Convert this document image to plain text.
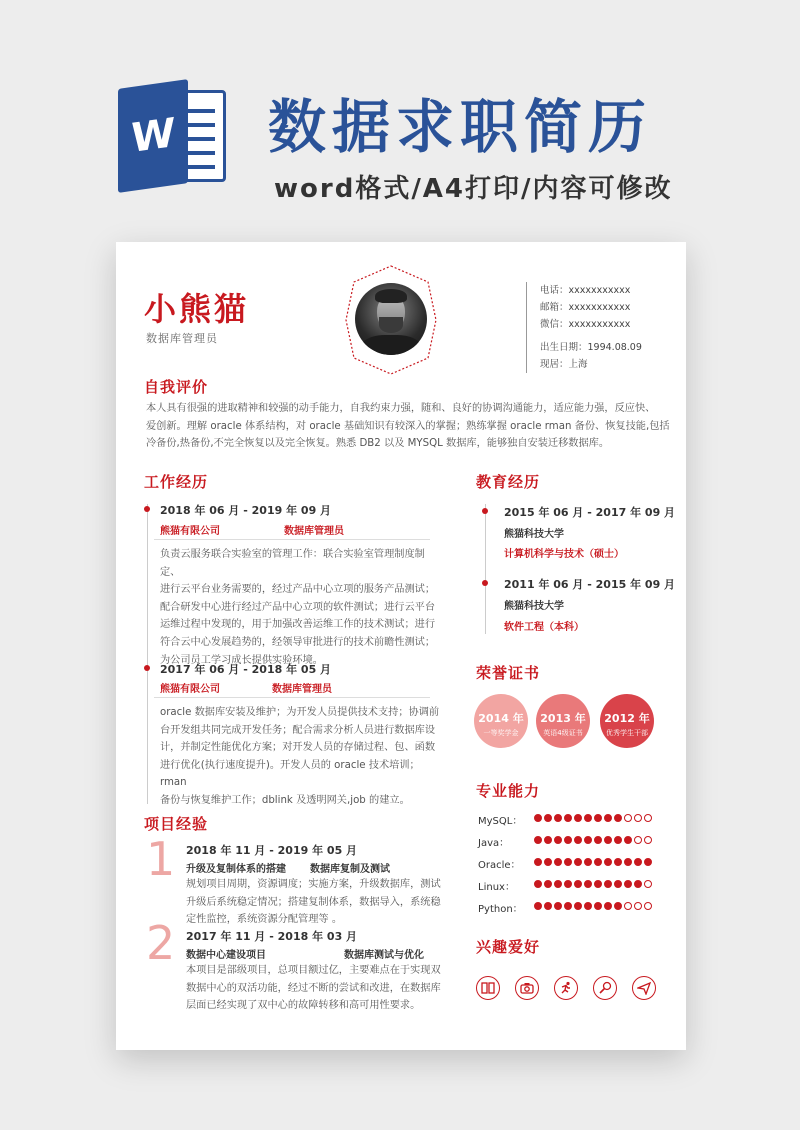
W 数据求职简历
word格式/A4打印/内容可修改
小熊猫
数据库管理员
电话：xxxxxxxxxxx
邮箱：xxxxxxxxxxx
微信：xxxxxxxxxxx
出生日期：1994.08.09
现居：上海
自我评价
本人具有很强的进取精神和较强的动手能力，自我约束力强，随和、良好的协调沟通能力，适应能力强，反应快、
爱创新。理解 oracle 体系结构，对 oracle 基础知识有较深入的掌握；熟练掌握 oracle rman 备份、恢复技能,包括
冷备份,热备份,不完全恢复以及完全恢复。熟悉 DB2 以及 MYSQL 数据库，能够独自安装迁移数据库。
工作经历
2018 年 06 月 - 2019 年 09 月
熊猫有限公司	数据库管理员
负责云服务联合实验室的管理工作：联合实验室管理制度制定、
进行云平台业务需要的，经过产品中心立项的服务产品测试；
配合研发中心进行经过产品中心立项的软件测试；进行云平台
运维过程中发现的，用于加强改善运维工作的技术测试；进行
符合云中心发展趋势的，经领导审批进行的技术前瞻性测试；
为公司员工学习成长提供实验环境。
2017 年 06 月 - 2018 年 05 月
熊猫有限公司	数据库管理员
oracle 数据库安装及维护；为开发人员提供技术支持；协调前
台开发组共同完成开发任务；配合需求分析人员进行数据库设
计，并制定性能优化方案；对开发人员的存储过程、包、函数
进行优化(执行速度提升)。开发人员的 oracle 技术培训；rman
备份与恢复维护工作；dblink 及透明网关,job 的建立。
项目经验
1 2018 年 11 月 - 2019 年 05 月
升级及复制体系的搭建 数据库复制及测试
规划项目周期，资源调度；实施方案，升级数据库，测试
升级后系统稳定情况；搭建复制体系，数据导入，系统稳
定性监控，系统资源分配管理等 。
2 2017 年 11 月 - 2018 年 03 月
数据中心建设项目	数据库测试与优化
本项目是部级项目，总项目额过亿，主要难点在于实现双
数据中心的双活功能，经过不断的尝试和改进，在数据库
层面已经实现了双中心的故障转移和高可用性要求。
教育经历
2015 年 06 月 - 2017 年 09 月
熊猫科技大学
计算机科学与技术（硕士）
2011 年 06 月 - 2015 年 09 月
熊猫科技大学
软件工程（本科）
荣誉证书
2014 年
一等奖学金
2013 年
英语4级证书
2012 年
优秀学生干部
专业能力
MySQL：
Java：
Oracle：
Linux：
Python：
兴趣爱好
